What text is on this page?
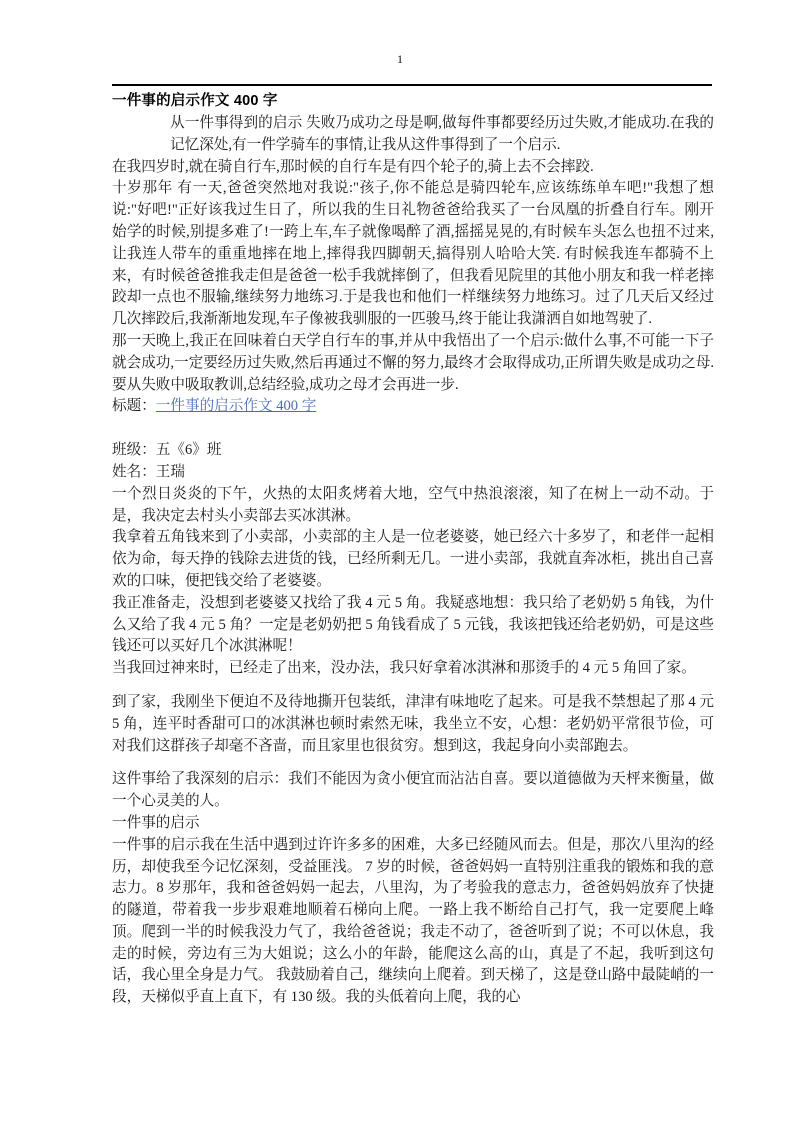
1
一件事的启示作文 400 字

从一件事得到的启示 失败乃成功之母是啊,做每件事都要经历过失败,才能成功.在我的记忆深处,有一件学骑车的事情,让我从这件事得到了一个启示.

在我四岁时,就在骑自行车,那时候的自行车是有四个轮子的,骑上去不会摔跤.

十岁那年 有一天,爸爸突然地对我说:"孩子,你不能总是骑四轮车,应该练练单车吧!"我想了想说:"好吧!"正好该我过生日了，所以我的生日礼物爸爸给我买了一台凤凰的折叠自行车。刚开始学的时候,别提多难了!一跨上车,车子就像喝醉了酒,摇摇晃晃的,有时候车头怎么也扭不过来,让我连人带车的重重地摔在地上,摔得我四脚朝天,搞得别人哈哈大笑. 有时候我连车都骑不上来，有时候爸爸推我走但是爸爸一松手我就摔倒了，但我看见院里的其他小朋友和我一样老摔跤却一点也不服输,继续努力地练习.于是我也和他们一样继续努力地练习。过了几天后又经过几次摔跤后,我渐渐地发现,车子像被我驯服的一匹骏马,终于能让我潇洒自如地驾驶了.

那一天晚上,我正在回味着白天学自行车的事,并从中我悟出了一个启示:做什么事,不可能一下子就会成功,一定要经历过失败,然后再通过不懈的努力,最终才会取得成功,正所谓失败是成功之母.要从失败中吸取教训,总结经验,成功之母才会再进一步.

标题：一件事的启示作文 400 字

班级：五《6》班

姓名：王瑞

一个烈日炎炎的下午，火热的太阳炙烤着大地，空气中热浪滚滚，知了在树上一动不动。于是，我决定去村头小卖部去买冰淇淋。

我拿着五角钱来到了小卖部，小卖部的主人是一位老婆婆，她已经六十多岁了，和老伴一起相依为命，每天挣的钱除去进货的钱，已经所剩无几。一进小卖部，我就直奔冰柜，挑出自己喜欢的口味，便把钱交给了老婆婆。

我正准备走，没想到老婆婆又找给了我 4 元 5 角。我疑惑地想：我只给了老奶奶 5 角钱，为什么又给了我 4 元 5 角？一定是老奶奶把 5 角钱看成了 5 元钱，我该把钱还给老奶奶，可是这些钱还可以买好几个冰淇淋呢！

当我回过神来时，已经走了出来，没办法，我只好拿着冰淇淋和那烫手的 4 元 5 角回了家。

到了家，我刚坐下便迫不及待地撕开包装纸，津津有味地吃了起来。可是我不禁想起了那 4 元 5 角，连平时香甜可口的冰淇淋也顿时索然无味，我坐立不安，心想：老奶奶平常很节俭，可对我们这群孩子却毫不吝啬，而且家里也很贫穷。想到这，我起身向小卖部跑去。

这件事给了我深刻的启示：我们不能因为贪小便宜而沾沾自喜。要以道德做为天枰来衡量，做一个心灵美的人。

一件事的启示

一件事的启示我在生活中遇到过许许多多的困难，大多已经随风而去。但是，那次八里沟的经历，却使我至今记忆深刻，受益匪浅。 7 岁的时候，爸爸妈妈一直特别注重我的锻炼和我的意志力。8 岁那年，我和爸爸妈妈一起去，八里沟，为了考验我的意志力，爸爸妈妈放弃了快捷的隧道，带着我一步步艰难地顺着石梯向上爬。一路上我不断给自己打气，我一定要爬上峰顶。爬到一半的时候我没力气了，我给爸爸说；我走不动了，爸爸听到了说；不可以休息，我走的时候，旁边有三为大姐说；这么小的年龄，能爬这么高的山，真是了不起，我听到这句话，我心里全身是力气。 我鼓励着自己，继续向上爬着。到天梯了，这是登山路中最陡峭的一段，天梯似乎直上直下，有 130 级。我的头低着向上爬，我的心
